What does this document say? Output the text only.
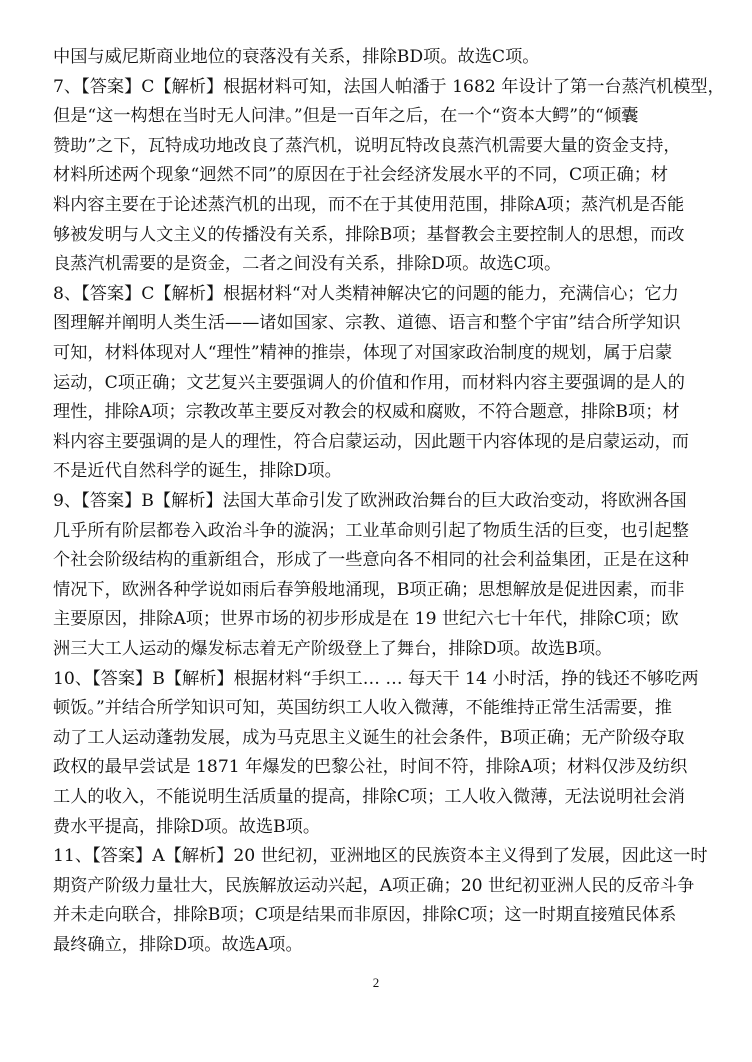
中国与威尼斯商业地位的衰落没有关系，排除BD项。故选C项。
7、【答案】C【解析】根据材料可知，法国人帕潘于 1682 年设计了第一台蒸汽机模型，
但是“这一构想在当时无人问津。”但是一百年之后，在一个“资本大鳄”的“倾囊
赞助”之下，瓦特成功地改良了蒸汽机，说明瓦特改良蒸汽机需要大量的资金支持，
材料所述两个现象“迥然不同”的原因在于社会经济发展水平的不同，C项正确；材
料内容主要在于论述蒸汽机的出现，而不在于其使用范围，排除A项；蒸汽机是否能
够被发明与人文主义的传播没有关系，排除B项；基督教会主要控制人的思想，而改
良蒸汽机需要的是资金，二者之间没有关系，排除D项。故选C项。
8、【答案】C【解析】根据材料“对人类精神解决它的问题的能力，充满信心；它力
图理解并阐明人类生活——诸如国家、宗教、道德、语言和整个宇宙”结合所学知识
可知，材料体现对人“理性”精神的推崇，体现了对国家政治制度的规划，属于启蒙
运动，C项正确；文艺复兴主要强调人的价值和作用，而材料内容主要强调的是人的
理性，排除A项；宗教改革主要反对教会的权威和腐败，不符合题意，排除B项；材
料内容主要强调的是人的理性，符合启蒙运动，因此题干内容体现的是启蒙运动，而
不是近代自然科学的诞生，排除D项。
9、【答案】B【解析】法国大革命引发了欧洲政治舞台的巨大政治变动，将欧洲各国
几乎所有阶层都卷入政治斗争的漩涡；工业革命则引起了物质生活的巨变，也引起整
个社会阶级结构的重新组合，形成了一些意向各不相同的社会利益集团，正是在这种
情况下，欧洲各种学说如雨后春笋般地涌现，B项正确；思想解放是促进因素，而非
主要原因，排除A项；世界市场的初步形成是在 19 世纪六七十年代，排除C项；欧
洲三大工人运动的爆发标志着无产阶级登上了舞台，排除D项。故选B项。
10、【答案】B【解析】根据材料“手织工… … 每天干 14 小时活，挣的钱还不够吃两
顿饭。”并结合所学知识可知，英国纺织工人收入微薄，不能维持正常生活需要，推
动了工人运动蓬勃发展，成为马克思主义诞生的社会条件，B项正确；无产阶级夺取
政权的最早尝试是 1871 年爆发的巴黎公社，时间不符，排除A项；材料仅涉及纺织
工人的收入，不能说明生活质量的提高，排除C项；工人收入微薄，无法说明社会消
费水平提高，排除D项。故选B项。
11、【答案】A【解析】20 世纪初，亚洲地区的民族资本主义得到了发展，因此这一时
期资产阶级力量壮大，民族解放运动兴起，A项正确；20 世纪初亚洲人民的反帝斗争
并未走向联合，排除B项；C项是结果而非原因，排除C项；这一时期直接殖民体系
最终确立，排除D项。故选A项。
2
